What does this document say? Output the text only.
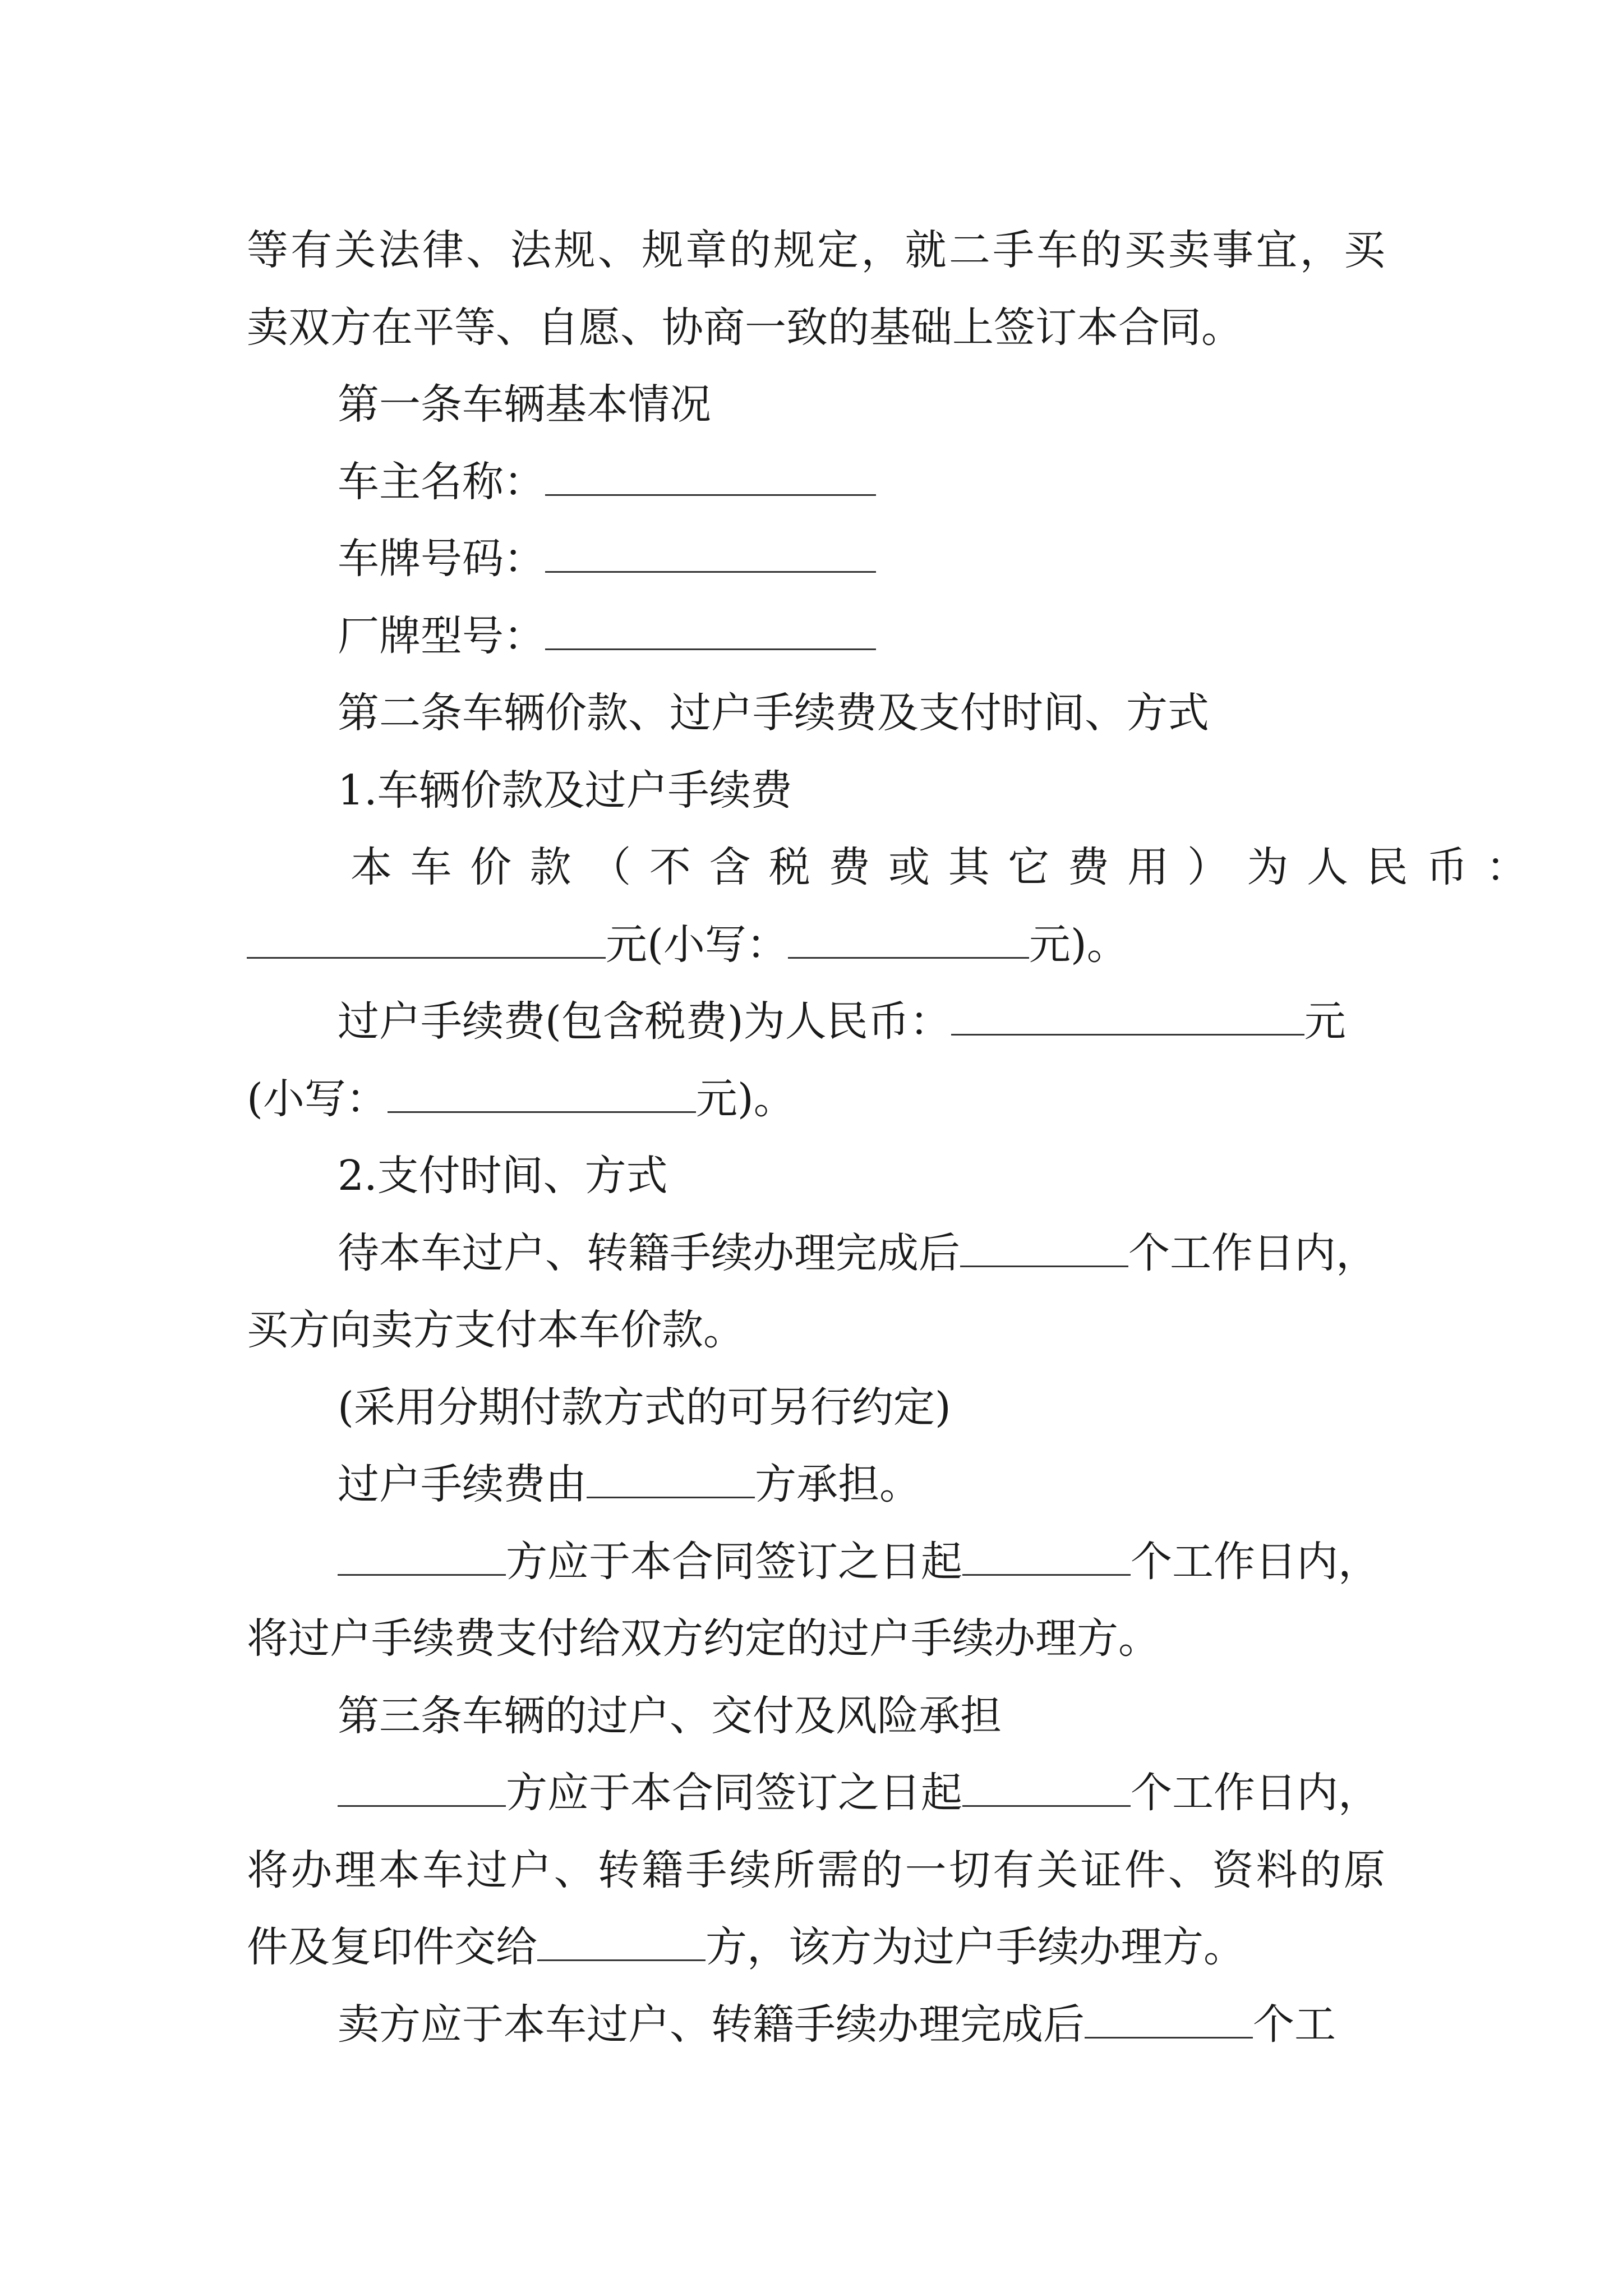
等有关法律、法规、规章的规定，就二手车的买卖事宜，买
卖双方在平等、自愿、协商一致的基础上签订本合同。
第一条车辆基本情况
车主名称：
车牌号码：
厂牌型号：
第二条车辆价款、过户手续费及支付时间、方式
1.车辆价款及过户手续费
本车价款（不含税费或其它费用）为人民币：
元(小写：	元)。
过户手续费(包含税费)为人民币：	元
(小写：	元)。
2.支付时间、方式
待本车过户、转籍手续办理完成后	个工作日内，
买方向卖方支付本车价款。
(采用分期付款方式的可另行约定)
过户手续费由	方承担。
方应于本合同签订之日起	个工作日内，
将过户手续费支付给双方约定的过户手续办理方。
第三条车辆的过户、交付及风险承担
方应于本合同签订之日起	个工作日内，
将办理本车过户、转籍手续所需的一切有关证件、资料的原
件及复印件交给	方，该方为过户手续办理方。
卖方应于本车过户、转籍手续办理完成后	个工
